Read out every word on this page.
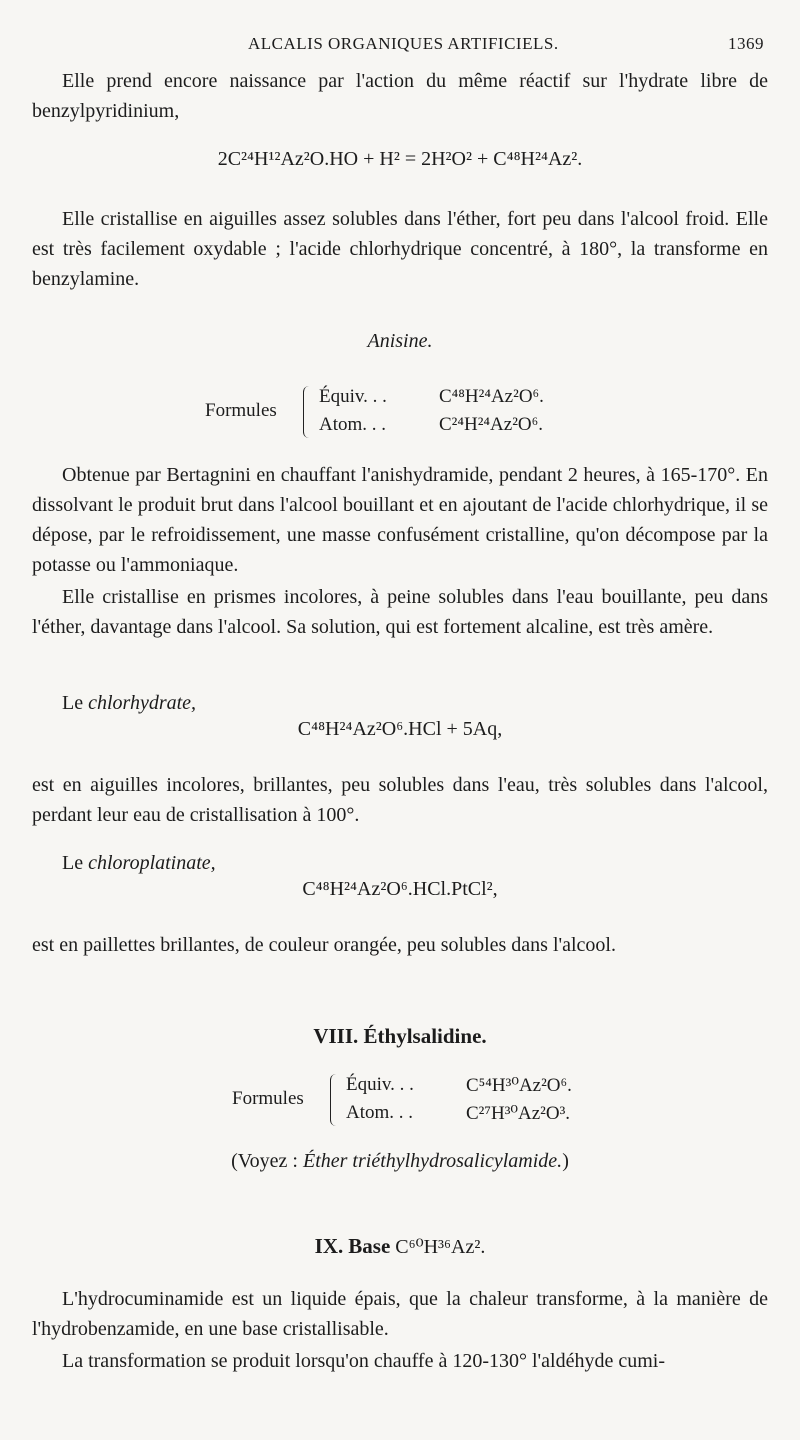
ALCALIS ORGANIQUES ARTIFICIELS.	1369
Elle prend encore naissance par l'action du même réactif sur l'hydrate libre de benzylpyridinium,
2C²⁴H¹²Az²O.HO + H² = 2H²O² + C⁴⁸H²⁴Az².
Elle cristallise en aiguilles assez solubles dans l'éther, fort peu dans l'alcool froid. Elle est très facilement oxydable ; l'acide chlorhydrique concentré, à 180°, la transforme en benzylamine.
Anisine.
Formules
Équiv. . .	C⁴⁸H²⁴Az²O⁶.
Atom. . .	C²⁴H²⁴Az²O⁶.
Obtenue par Bertagnini en chauffant l'anishydramide, pendant 2 heures, à 165-170°. En dissolvant le produit brut dans l'alcool bouillant et en ajoutant de l'acide chlorhydrique, il se dépose, par le refroidissement, une masse confusément cristalline, qu'on décompose par la potasse ou l'ammoniaque.
Elle cristallise en prismes incolores, à peine solubles dans l'eau bouillante, peu dans l'éther, davantage dans l'alcool. Sa solution, qui est fortement alcaline, est très amère.
Le chlorhydrate,
C⁴⁸H²⁴Az²O⁶.HCl + 5Aq,
est en aiguilles incolores, brillantes, peu solubles dans l'eau, très solubles dans l'alcool, perdant leur eau de cristallisation à 100°.
Le chloroplatinate,
C⁴⁸H²⁴Az²O⁶.HCl.PtCl²,
est en paillettes brillantes, de couleur orangée, peu solubles dans l'alcool.
VIII. Éthylsalidine.
Formules
Équiv. . .	C⁵⁴H³⁰Az²O⁶.
Atom. . .	C²⁷H³⁰Az²O³.
(Voyez : Éther triéthylhydrosalicylamide.)
IX. Base C⁶⁰H³⁶Az².
L'hydrocuminamide est un liquide épais, que la chaleur transforme, à la manière de l'hydrobenzamide, en une base cristallisable.
La transformation se produit lorsqu'on chauffe à 120-130° l'aldéhyde cumi-
